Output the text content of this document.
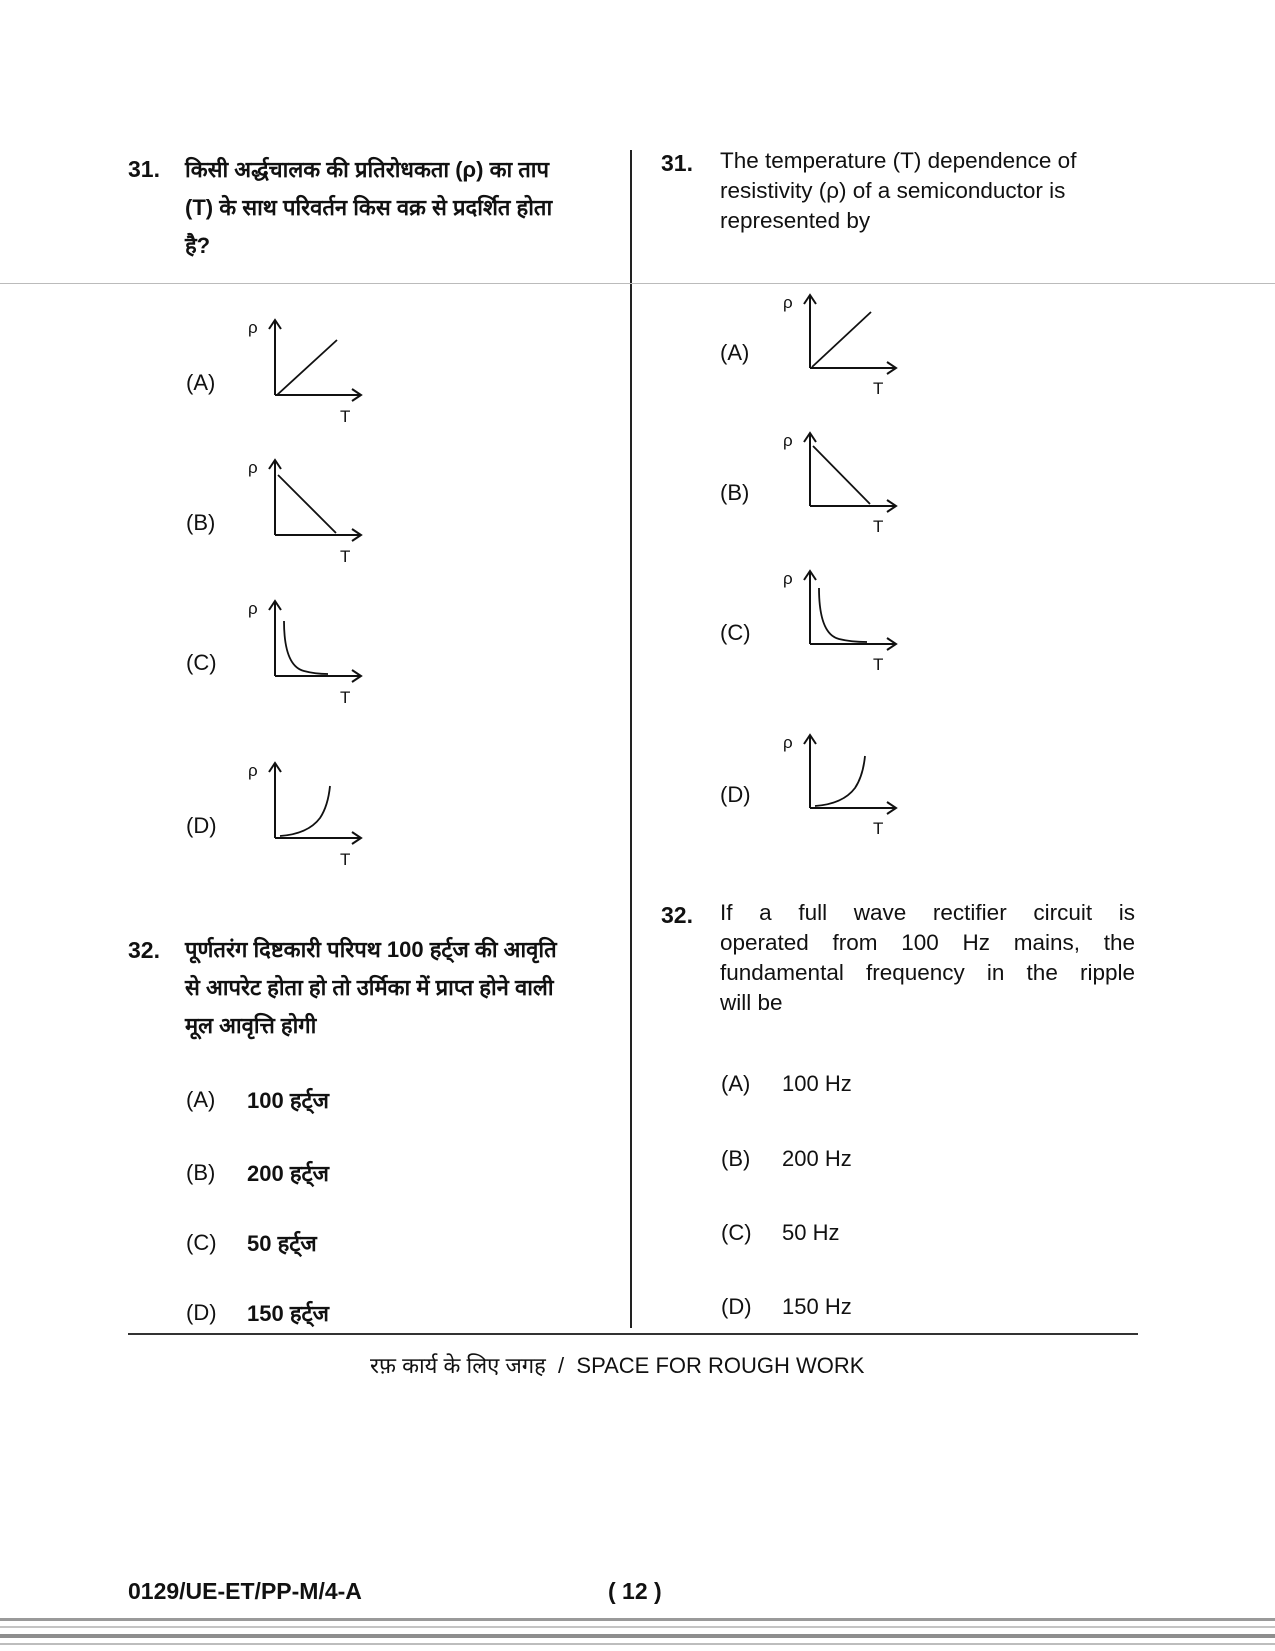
31. किसी अर्द्धचालक की प्रतिरोधकता (ρ) का ताप
(T) के साथ परिवर्तन किस वक्र से प्रदर्शित होता
है?
(A)
ρ
T
(B)
ρ
T
(C)
ρ
T
(D)
ρ
T
32. पूर्णतरंग दिष्टकारी परिपथ 100 हर्ट्ज की आवृति
से आपरेट होता हो तो उर्मिका में प्राप्त होने वाली
मूल आवृत्ति होगी
(A) 100 हर्ट्ज
(B) 200 हर्ट्ज
(C) 50 हर्ट्ज
(D) 150 हर्ट्ज
31. The temperature (T) dependence of
resistivity (ρ) of a semiconductor is
represented by
(A)
ρ
T
(B)
ρ
T
(C)
ρ
T
(D)
ρ
T
32. If a full wave rectifier circuit is
operated from 100 Hz mains, the
fundamental frequency in the ripple
will be
(A) 100 Hz
(B) 200 Hz
(C) 50 Hz
(D) 150 Hz
रफ़ कार्य के लिए जगह  /  SPACE FOR ROUGH WORK
0129/UE-ET/PP-M/4-A	( 12 )
